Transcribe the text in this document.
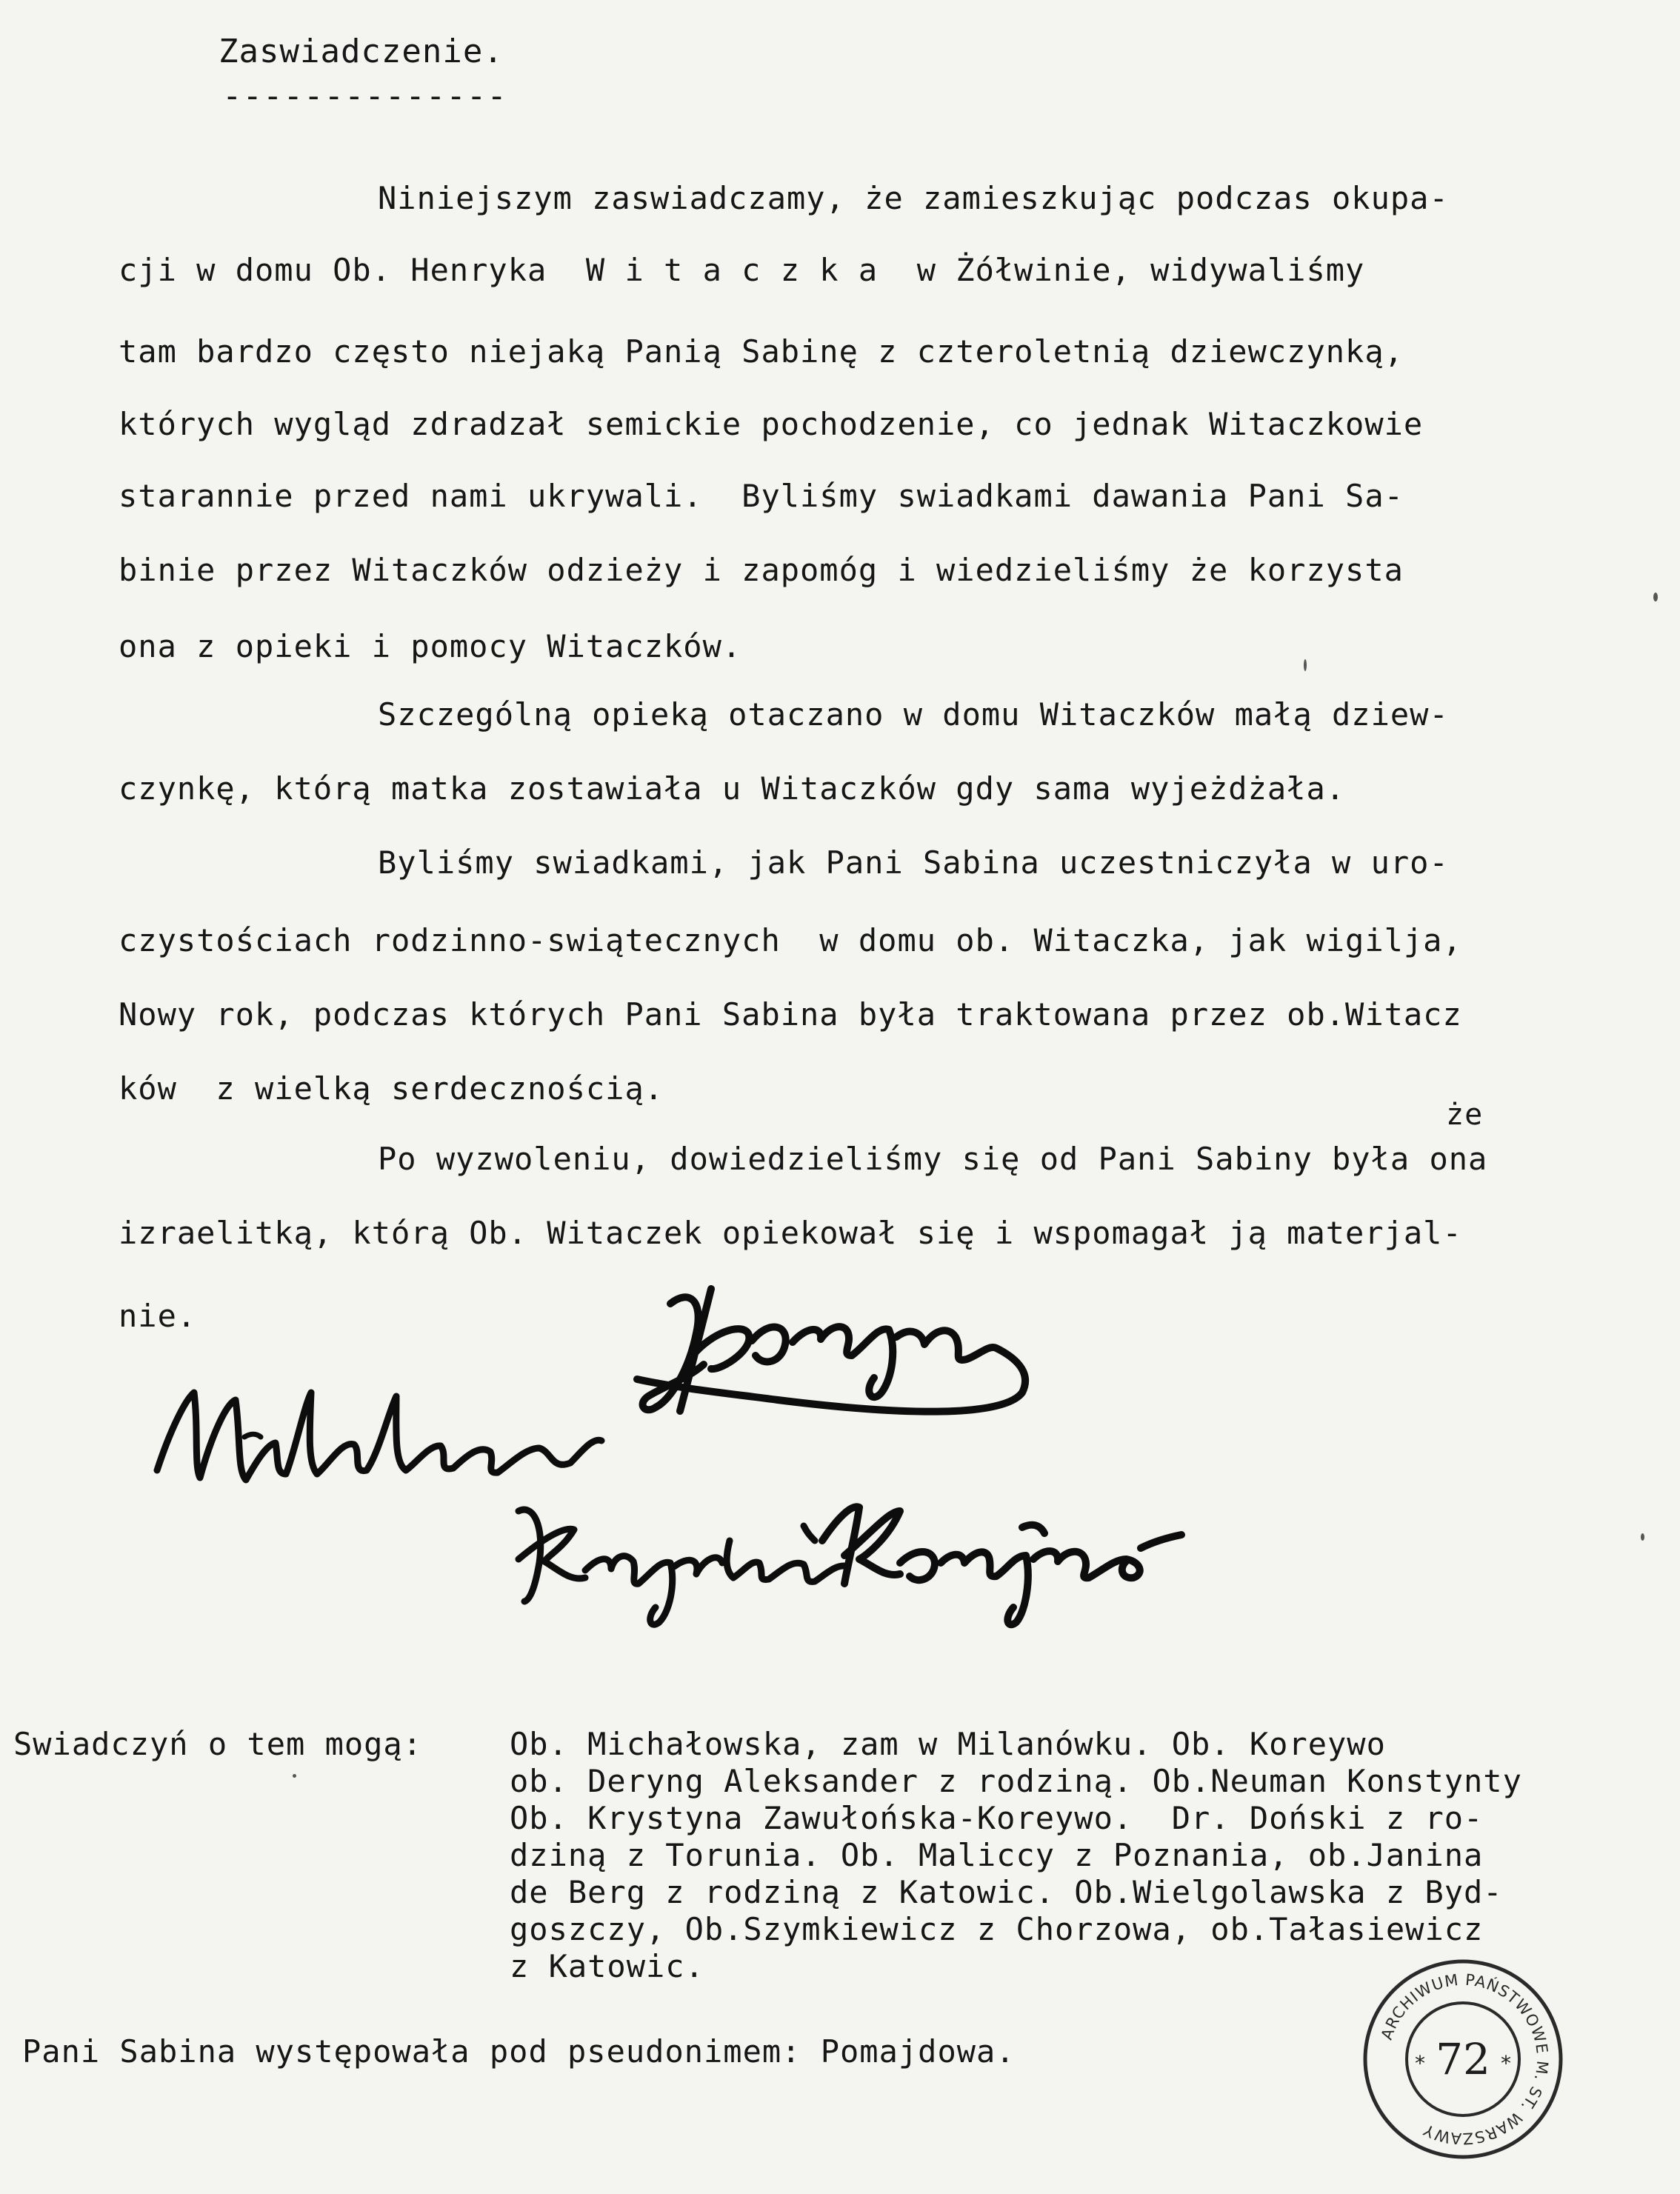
Zaswiadczenie.
--------------
Niniejszym zaswiadczamy, że zamieszkując podczas okupa-
cji w domu Ob. Henryka  W i t a c z k a  w Żółwinie, widywaliśmy
tam bardzo często niejaką Panią Sabinę z czteroletnią dziewczynką,
których wygląd zdradzał semickie pochodzenie, co jednak Witaczkowie
starannie przed nami ukrywali.  Byliśmy swiadkami dawania Pani Sa-
binie przez Witaczków odzieży i zapomóg i wiedzieliśmy że korzysta
ona z opieki i pomocy Witaczków.
Szczególną opieką otaczano w domu Witaczków małą dziew-
czynkę, którą matka zostawiała u Witaczków gdy sama wyjeżdżała.
Byliśmy swiadkami, jak Pani Sabina uczestniczyła w uro-
czystościach rodzinno-swiątecznych  w domu ob. Witaczka, jak wigilja,
Nowy rok, podczas których Pani Sabina była traktowana przez ob.Witacz
ków  z wielką serdecznością.
że
Po wyzwoleniu, dowiedzieliśmy się od Pani Sabiny była ona
izraelitką, którą Ob. Witaczek opiekował się i wspomagał ją materjal-
nie.
Swiadczyń o tem mogą:	Ob. Michałowska, zam w Milanówku. Ob. Koreywo
ob. Deryng Aleksander z rodziną. Ob.Neuman Konstynty
Ob. Krystyna Zawułońska-Koreywo.  Dr. Doński z ro-
dziną z Torunia. Ob. Maliccy z Poznania, ob.Janina
de Berg z rodziną z Katowic. Ob.Wielgolawska z Byd-
goszczy, Ob.Szymkiewicz z Chorzowa, ob.Tałasiewicz
z Katowic.
Pani Sabina występowała pod pseudonimem: Pomajdowa.	ARCHIWUM PAŃSTWOWE M. ST. WARSZAWY
72
*	*
